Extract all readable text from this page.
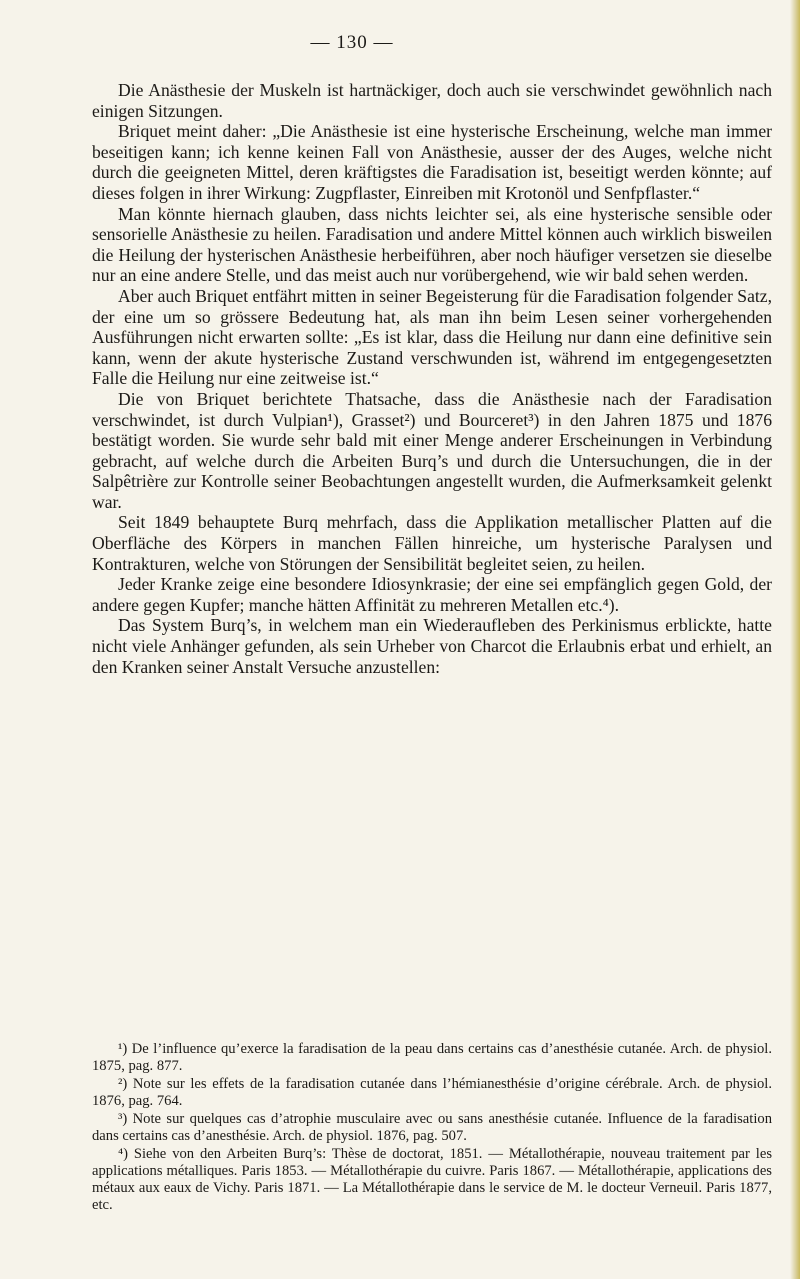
— 130 —

Die Anästhesie der Muskeln ist hartnäckiger, doch auch sie verschwindet gewöhnlich nach einigen Sitzungen.

Briquet meint daher: „Die Anästhesie ist eine hysterische Erscheinung, welche man immer beseitigen kann; ich kenne keinen Fall von Anästhesie, ausser der des Auges, welche nicht durch die geeigneten Mittel, deren kräftigstes die Faradisation ist, beseitigt werden könnte; auf dieses folgen in ihrer Wirkung: Zugpflaster, Einreiben mit Krotonöl und Senfpflaster.“

Man könnte hiernach glauben, dass nichts leichter sei, als eine hysterische sensible oder sensorielle Anästhesie zu heilen. Faradisation und andere Mittel können auch wirklich bisweilen die Heilung der hysterischen Anästhesie herbeiführen, aber noch häufiger versetzen sie dieselbe nur an eine andere Stelle, und das meist auch nur vorübergehend, wie wir bald sehen werden.

Aber auch Briquet entfährt mitten in seiner Begeisterung für die Faradisation folgender Satz, der eine um so grössere Bedeutung hat, als man ihn beim Lesen seiner vorhergehenden Ausführungen nicht erwarten sollte: „Es ist klar, dass die Heilung nur dann eine definitive sein kann, wenn der akute hysterische Zustand verschwunden ist, während im entgegengesetzten Falle die Heilung nur eine zeitweise ist.“

Die von Briquet berichtete Thatsache, dass die Anästhesie nach der Faradisation verschwindet, ist durch Vulpian¹), Grasset²) und Bourceret³) in den Jahren 1875 und 1876 bestätigt worden. Sie wurde sehr bald mit einer Menge anderer Erscheinungen in Verbindung gebracht, auf welche durch die Arbeiten Burq’s und durch die Untersuchungen, die in der Salpêtrière zur Kontrolle seiner Beobachtungen angestellt wurden, die Aufmerksamkeit gelenkt war.

Seit 1849 behauptete Burq mehrfach, dass die Applikation metallischer Platten auf die Oberfläche des Körpers in manchen Fällen hinreiche, um hysterische Paralysen und Kontrakturen, welche von Störungen der Sensibilität begleitet seien, zu heilen.

Jeder Kranke zeige eine besondere Idiosynkrasie; der eine sei empfänglich gegen Gold, der andere gegen Kupfer; manche hätten Affinität zu mehreren Metallen etc.⁴).

Das System Burq’s, in welchem man ein Wiederaufleben des Perkinismus erblickte, hatte nicht viele Anhänger gefunden, als sein Urheber von Charcot die Erlaubnis erbat und erhielt, an den Kranken seiner Anstalt Versuche anzustellen:

¹) De l’influence qu’exerce la faradisation de la peau dans certains cas d’anesthésie cutanée. Arch. de physiol. 1875, pag. 877.

²) Note sur les effets de la faradisation cutanée dans l’hémianesthésie d’origine cérébrale. Arch. de physiol. 1876, pag. 764.

³) Note sur quelques cas d’atrophie musculaire avec ou sans anesthésie cutanée. Influence de la faradisation dans certains cas d’anesthésie. Arch. de physiol. 1876, pag. 507.

⁴) Siehe von den Arbeiten Burq’s: Thèse de doctorat, 1851. — Métallothérapie, nouveau traitement par les applications métalliques. Paris 1853. — Métallothérapie du cuivre. Paris 1867. — Métallothérapie, applications des métaux aux eaux de Vichy. Paris 1871. — La Métallothérapie dans le service de M. le docteur Verneuil. Paris 1877, etc.
